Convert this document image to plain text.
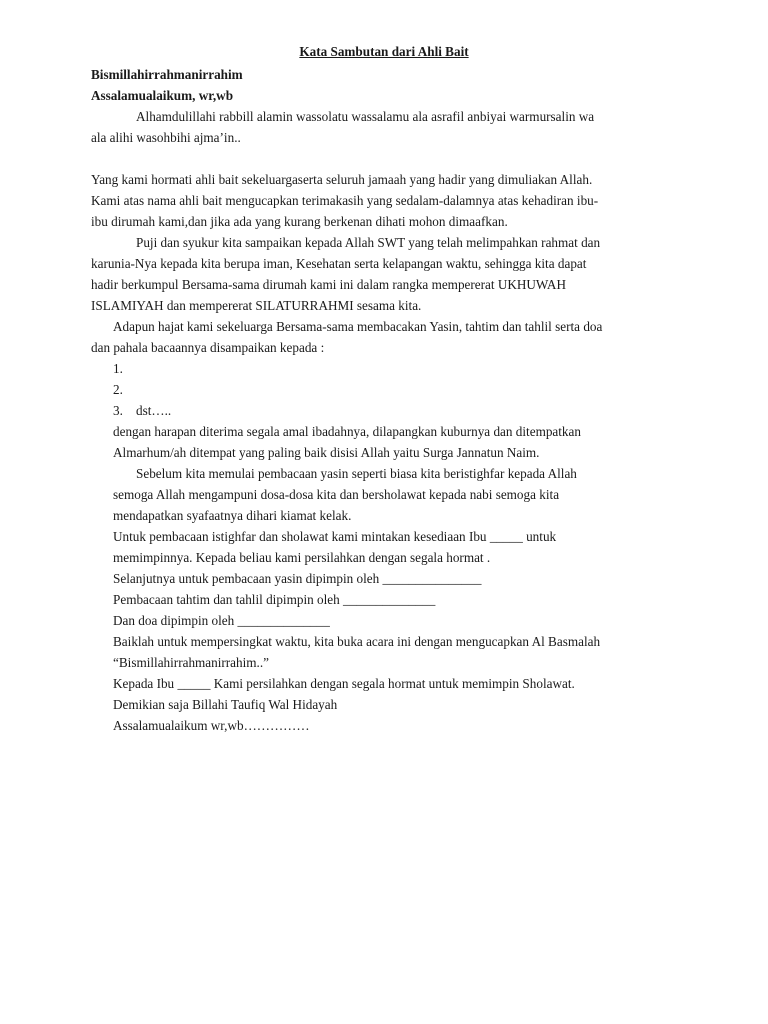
Kata Sambutan dari Ahli Bait
Bismillahirrahmanirrahim
Assalamualaikum, wr,wb
Alhamdulillahi rabbill alamin wassolatu wassalamu ala asrafil anbiyai warmursalin wa
ala alihi wasohbihi ajma’in..
Yang kami hormati ahli bait sekeluargaserta seluruh jamaah yang hadir yang dimuliakan Allah.
Kami atas nama ahli bait mengucapkan terimakasih yang sedalam-dalamnya atas kehadiran ibu-
ibu dirumah kami,dan jika ada yang kurang berkenan dihati mohon dimaafkan.
Puji dan syukur kita sampaikan kepada Allah SWT yang telah melimpahkan rahmat dan
karunia-Nya kepada kita berupa iman, Kesehatan serta kelapangan waktu, sehingga kita dapat
hadir berkumpul Bersama-sama dirumah kami ini dalam rangka mempererat UKHUWAH
ISLAMIYAH dan mempererat SILATURRAHMI sesama kita.
Adapun hajat kami sekeluarga Bersama-sama membacakan Yasin, tahtim dan tahlil serta doa
dan pahala bacaannya disampaikan kepada :
1.
2.
3. dst…..
dengan harapan diterima segala amal ibadahnya, dilapangkan kuburnya dan ditempatkan
Almarhum/ah ditempat yang paling baik disisi Allah yaitu Surga Jannatun Naim.
Sebelum kita memulai pembacaan yasin seperti biasa kita beristighfar kepada Allah
semoga Allah mengampuni dosa-dosa kita dan bersholawat kepada nabi semoga kita
mendapatkan syafaatnya dihari kiamat kelak.
Untuk pembacaan istighfar dan sholawat kami mintakan kesediaan Ibu _____ untuk
memimpinnya. Kepada beliau kami persilahkan dengan segala hormat .
Selanjutnya untuk pembacaan yasin dipimpin oleh _______________
Pembacaan tahtim dan tahlil dipimpin oleh ______________
Dan doa dipimpin oleh ______________
Baiklah untuk mempersingkat waktu, kita buka acara ini dengan mengucapkan Al Basmalah
“Bismillahirrahmanirrahim..”
Kepada Ibu _____ Kami persilahkan dengan segala hormat untuk memimpin Sholawat.
Demikian saja Billahi Taufiq Wal Hidayah
Assalamualaikum wr,wb……………
